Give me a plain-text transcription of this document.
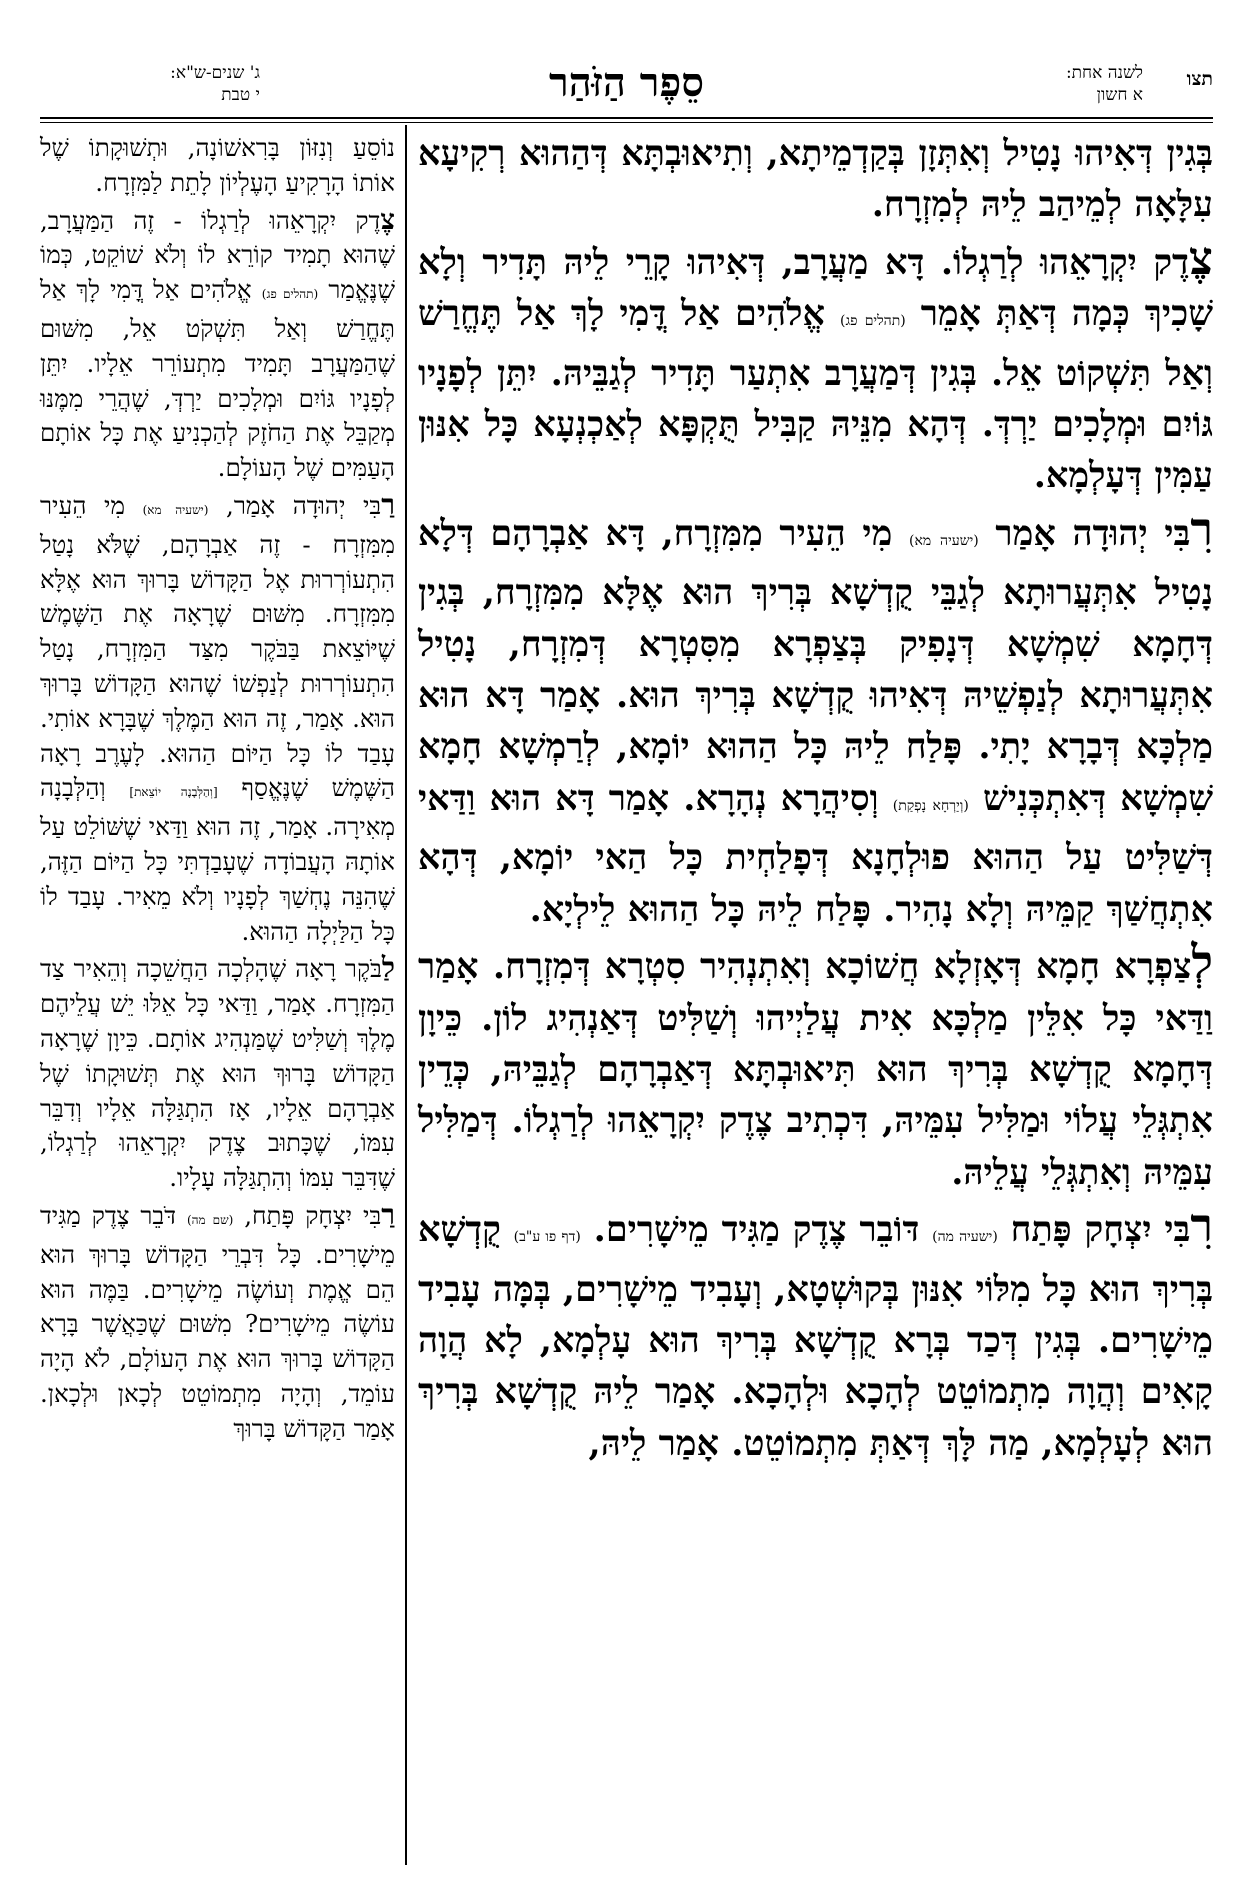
תצו
לשנה אחת:
א חשון
סֵפֶר הַזֹּהַר
ג' שנים-ש"א:
י טבת

בְּגִין דְּאִיהוּ נָטִיל וְאִתְּזָן בְּקַדְמֵיתָא, וְתִיאוּבְתָּא דְּהַהוּא רְקִיעָא עִלָּאָה לְמֵיהַב לֵיהּ לְמִזְרָח.

צֶדֶק יִקְרָאֵהוּ לְרַגְלוֹ. דָּא מַעֲרָב, דְּאִיהוּ קָרֵי לֵיהּ תָּדִיר וְלָא שָׁכִיךְ כְּמָה דְּאַתְּ אָמֵר (תהלים פג) אֱלֹהִים אַל דֳּמִי לָךְ אַל תֶּחֱרַשׁ וְאַל תִּשְׁקוֹט אֵל. בְּגִין דְּמַעֲרָב אִתְעַר תָּדִיר לְגַבֵּיהּ. יִתֵּן לְפָנָיו גּוֹיִם וּמְלָכִים יַרְדְּ. דְּהָא מִנֵּיהּ קַבִּיל תֻּקְפָּא לְאַכְנְעָא כָּל אִנּוּן עַמִּין דְּעָלְמָא.

רִבִּי יְהוּדָה אָמַר (ישעיה מא) מִי הֵעִיר מִמִּזְרָח, דָּא אַבְרָהָם דְּלָא נָטִיל אִתְּעֲרוּתָא לְגַבֵּי קֻדְשָׁא בְּרִיךְ הוּא אֶלָּא מִמִּזְרָח, בְּגִין דְּחָמָא שִׁמְשָׁא דְּנָפִיק בְּצַפְרָא מִסִּטְרָא דְּמִזְרָח, נָטִיל אִתְּעֲרוּתָא לְנַפְשֵׁיהּ דְּאִיהוּ קֻדְשָׁא בְּרִיךְ הוּא. אָמַר דָּא הוּא מַלְכָּא דְּבָרָא יָתִי. פָּלַח לֵיהּ כָּל הַהוּא יוֹמָא, לְרַמְשָׁא חָמָא שִׁמְשָׁא דְּאִתְכְּנִישׁ (וְיַרְחָא נָפְקַת) וְסִיהֲרָא נְהָרָא. אָמַר דָּא הוּא וַדַּאי דְּשַׁלִּיט עַל הַהוּא פוּלְחָנָא דְּפָלַחְית כָּל הַאי יוֹמָא, דְּהָא אִתְחֲשַׁךְ קַמֵּיהּ וְלָא נָהִיר. פָּלַח לֵיהּ כָּל הַהוּא לֵילְיָא.

לְצַפְרָא חָמָא דְּאָזְלָא חֲשׁוֹכָא וְאִתְנְהִיר סִטְרָא דְּמִזְרָח. אָמַר וַדַּאי כָּל אִלֵּין מַלְכָּא אִית עֲלַיְיהוּ וְשַׁלִּיט דְּאַנְהִיג לוֹן. כֵּיוָן דְּחָמָא קֻדְשָׁא בְּרִיךְ הוּא תִּיאוּבְתָּא דְּאַבְרָהָם לְגַבֵּיהּ, כְּדֵין אִתְגְּלֵי עֲלוֹי וּמַלִּיל עִמֵּיהּ, דִּכְתִיב צֶדֶק יִקְרָאֵהוּ לְרַגְלוֹ. דְּמַלִּיל עִמֵּיהּ וְאִתְגְּלֵי עֲלֵיהּ.

רִבִּי יִצְחָק פָּתַח (ישעיה מה) דּוֹבֵר צֶדֶק מַגִּיד מֵישָׁרִים. (דף פו ע"ב) קֻדְשָׁא בְּרִיךְ הוּא כָּל מִלּוֹי אִנּוּן בְּקוּשְׁטָא, וְעָבִיד מֵישָׁרִים, בְּמָּה עָבִיד מֵישָׁרִים. בְּגִין דְּכַד בְּרָא קֻדְשָׁא בְּרִיךְ הוּא עָלְמָא, לָא הֲוָה קָאִים וְהֲוָה מִתְמוֹטֵט לְהָכָא וּלְהָכָא. אָמַר לֵיהּ קֻדְשָׁא בְּרִיךְ הוּא לְעָלְמָא, מַה לָּךְ דְּאַתְּ מִתְמוֹטֵט. אָמַר לֵיהּ,

נוֹסֵעַ וְנִזּוֹן בָּרִאשׁוֹנָה, וּתְשׁוּקָתוֹ שֶׁל אוֹתוֹ הָרָקִיעַ הָעֶלְיוֹן לָתֵת לַמִּזְרָח.

צֶדֶק יִקְרָאֵהוּ לְרַגְלוֹ - זֶה הַמַּעֲרָב, שֶׁהוּא תָמִיד קוֹרֵא לוֹ וְלֹא שׁוֹקֵט, כְּמוֹ שֶׁנֶּאֱמַר (תהלים פג) אֱלֹהִים אַל דֳּמִי לָךְ אַל תֶּחֱרַשׁ וְאַל תִּשְׁקֹט אֵל, מִשּׁוּם שֶׁהַמַּעֲרָב תָּמִיד מִתְעוֹרֵר אֵלָיו. יִתֵּן לְפָנָיו גּוֹיִם וּמְלָכִים יַרְדְּ, שֶׁהֲרֵי מִמֶּנּוּ מְקַבֵּל אֶת הַחֹזֶק לְהַכְנִיעַ אֶת כָּל אוֹתָם הָעַמִּים שֶׁל הָעוֹלָם.

רַבִּי יְהוּדָה אָמַר, (ישעיה מא) מִי הֵעִיר מִמִּזְרָח - זֶה אַבְרָהָם, שֶׁלֹּא נָטַל הִתְעוֹרְרוּת אֶל הַקָּדוֹשׁ בָּרוּךְ הוּא אֶלָּא מִמִּזְרָח. מִשּׁוּם שֶׁרָאָה אֶת הַשֶּׁמֶשׁ שֶׁיּוֹצֵאת בַּבֹּקֶר מִצַּד הַמִּזְרָח, נָטַל הִתְעוֹרְרוּת לְנַפְשׁוֹ שֶׁהוּא הַקָּדוֹשׁ בָּרוּךְ הוּא. אָמַר, זֶה הוּא הַמֶּלֶךְ שֶׁבָּרָא אוֹתִי. עָבַד לוֹ כָּל הַיּוֹם הַהוּא. לָעֶרֶב רָאָה הַשֶּׁמֶשׁ שֶׁנֶּאֱסַף [וְהַלְּבָנָה יוֹצֵאת] וְהַלְּבָנָה מְאִירָה. אָמַר, זֶה הוּא וַדַּאי שֶׁשּׁוֹלֵט עַל אוֹתָהּ הָעֲבוֹדָה שֶׁעָבַדְתִּי כָּל הַיּוֹם הַזֶּה, שֶׁהִנֵּה נֶחְשַׁךְ לְפָנָיו וְלֹא מֵאִיר. עָבַד לוֹ כָּל הַלַּיְלָה הַהוּא.

לַבֹּקֶר רָאָה שֶׁהָלְכָה הַחֲשֵׁכָה וְהֵאִיר צַד הַמִּזְרָח. אָמַר, וַדַּאי כָּל אֵלּוּ יֵשׁ עֲלֵיהֶם מֶלֶךְ וְשַׁלִּיט שֶׁמַּנְהִיג אוֹתָם. כֵּיוָן שֶׁרָאָה הַקָּדוֹשׁ בָּרוּךְ הוּא אֶת תְּשׁוּקָתוֹ שֶׁל אַבְרָהָם אֵלָיו, אָז הִתְגַּלָּה אֵלָיו וְדִבֵּר עִמּוֹ, שֶׁכָּתוּב צֶדֶק יִקְרָאֵהוּ לְרַגְלוֹ, שֶׁדִּבֵּר עִמּוֹ וְהִתְגַּלָּה עָלָיו.

רַבִּי יִצְחָק פָּתַח, (שם מה) דֹּבֵר צֶדֶק מַגִּיד מֵישָׁרִים. כָּל דִּבְרֵי הַקָּדוֹשׁ בָּרוּךְ הוּא הֵם אֱמֶת וְעוֹשֶׂה מֵישָׁרִים. בַּמֶּה הוּא עוֹשֶׂה מֵישָׁרִים? מִשּׁוּם שֶׁכַּאֲשֶׁר בָּרָא הַקָּדוֹשׁ בָּרוּךְ הוּא אֶת הָעוֹלָם, לֹא הָיָה עוֹמֵד, וְהָיָה מִתְמוֹטֵט לְכָאן וּלְכָאן. אָמַר הַקָּדוֹשׁ בָּרוּךְ
